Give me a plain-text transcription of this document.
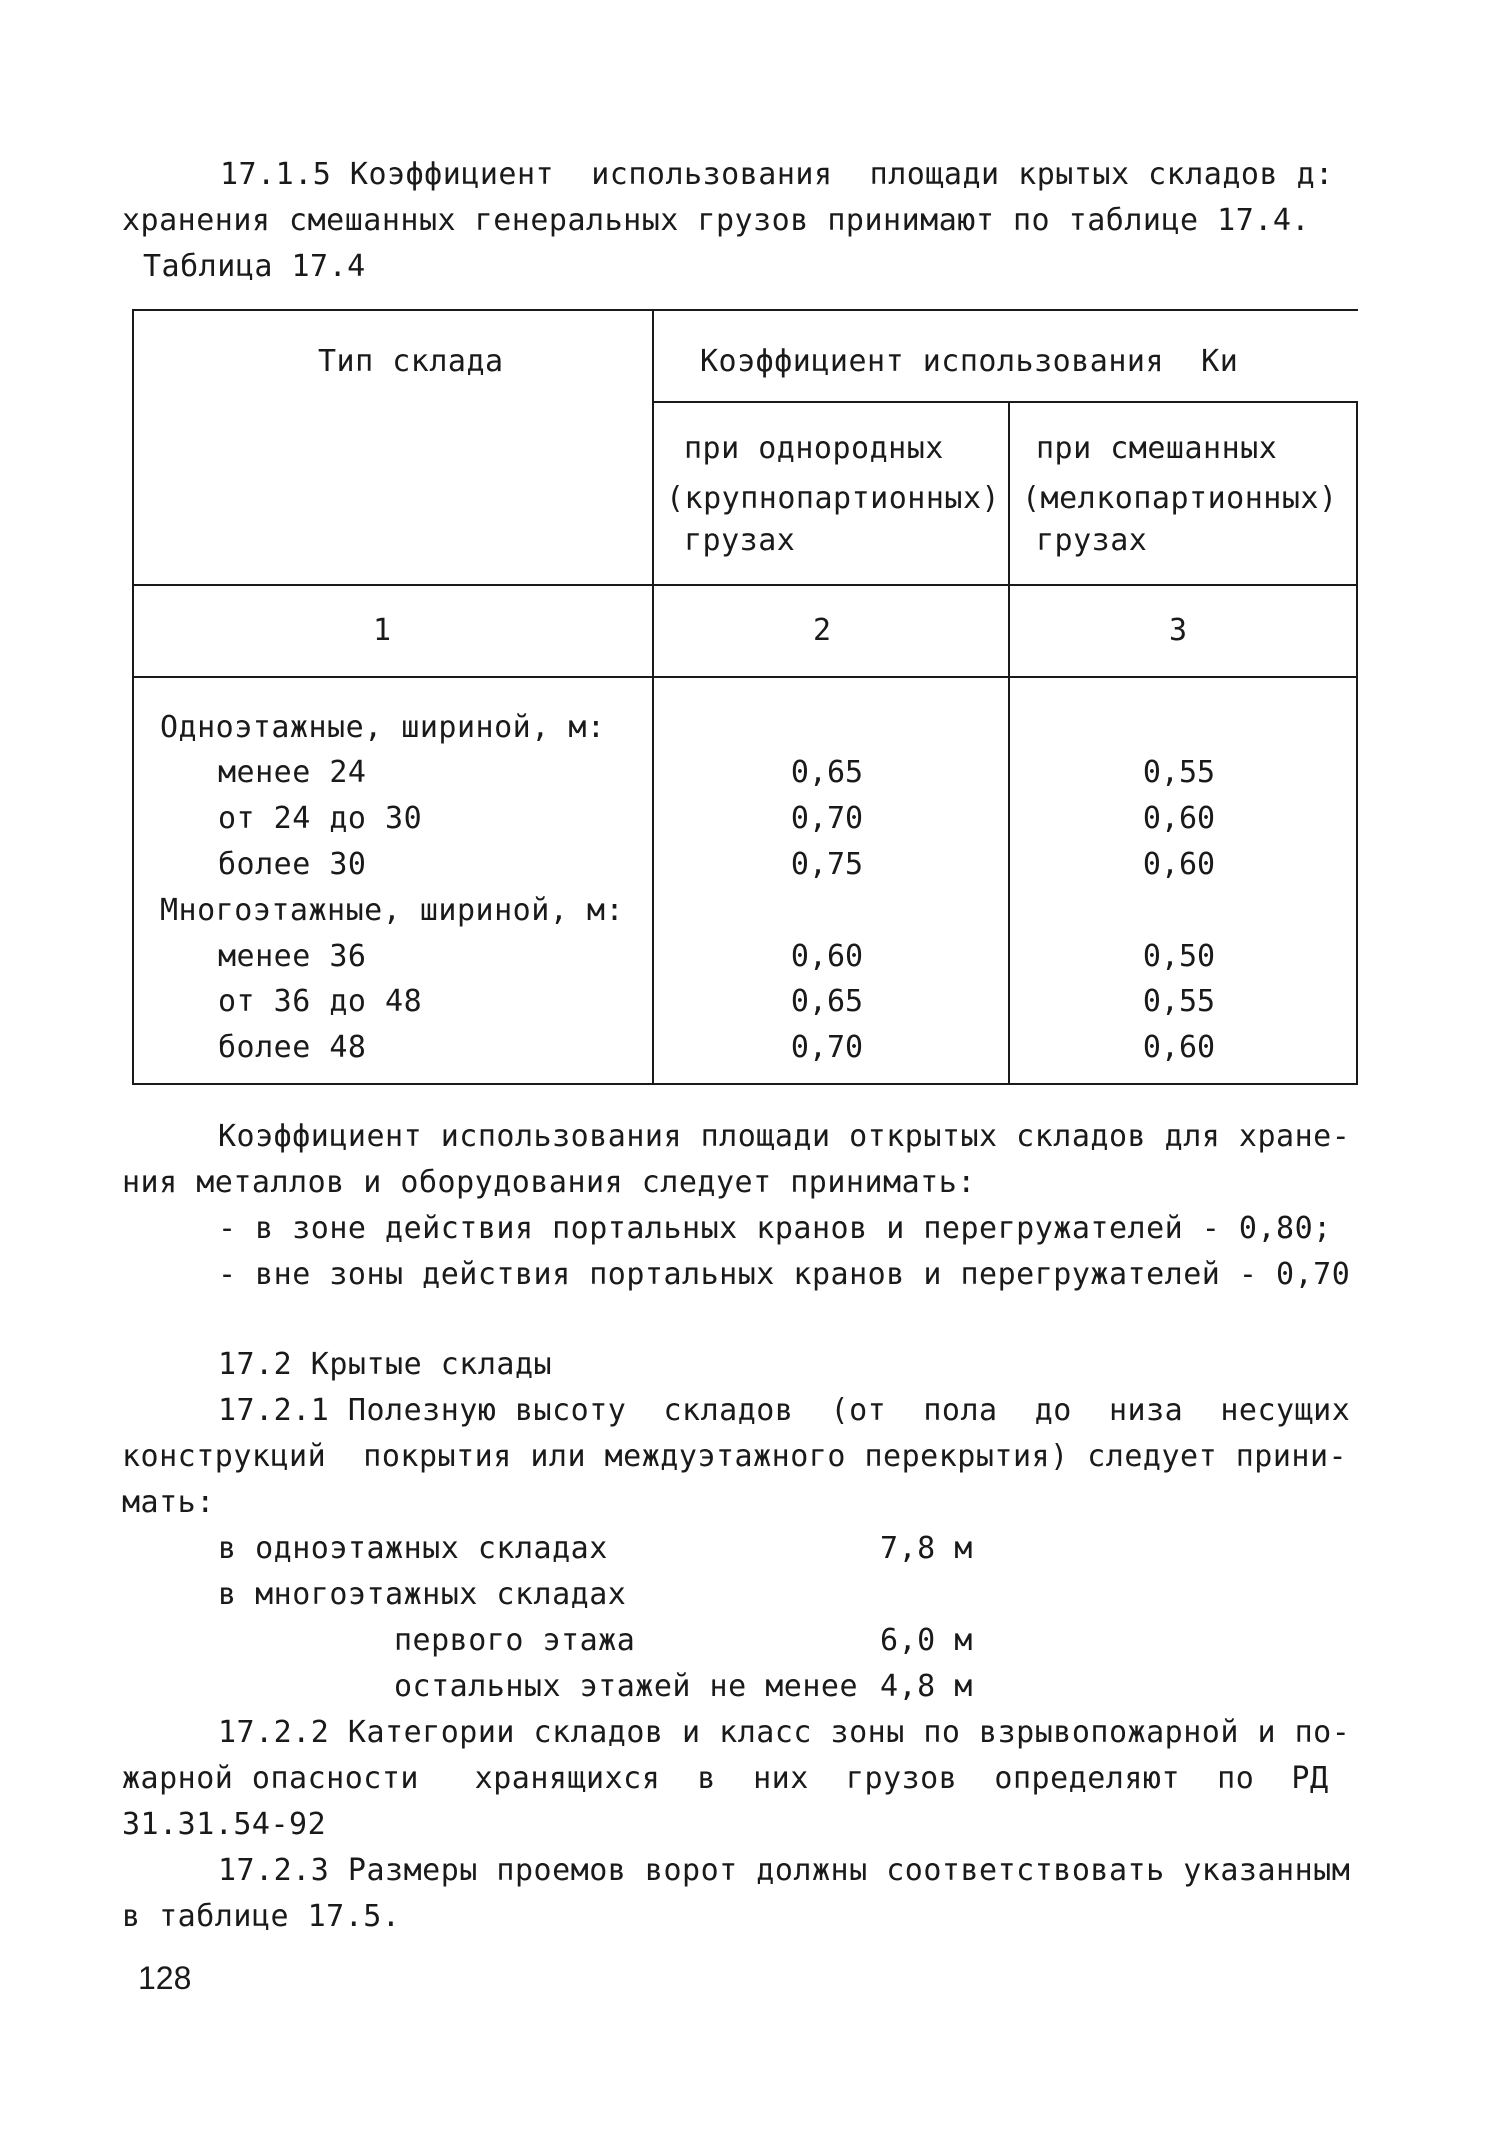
17.1.5 Коэффициент  использования  площади крытых складов д:
хранения смешанных генеральных грузов принимают по таблице 17.4.
Таблица 17.4
Тип склада	Коэффициент использования  Ки
при однородных
(крупнопартионных)
грузах
при смешанных
(мелкопартионных)
грузах
1	2	3
Одноэтажные, шириной, м:
менее 24	0,65	0,55
от 24 до 30	0,70	0,60
более 30	0,75	0,60
Многоэтажные, шириной, м:
менее 36	0,60	0,50
от 36 до 48	0,65	0,55
более 48	0,70	0,60
Коэффициент использования площади открытых складов для хране-
ния металлов и оборудования следует принимать:
- в зоне действия портальных кранов и перегружателей - 0,80;
- вне зоны действия портальных кранов и перегружателей - 0,70
17.2 Крытые склады
17.2.1 Полезную высоту  складов  (от  пола  до  низа  несущих
конструкций  покрытия или междуэтажного перекрытия) следует прини-
мать:
в одноэтажных складах	7,8 м
в многоэтажных складах
первого этажа	6,0 м
остальных этажей не менее 4,8 м
17.2.2 Категории складов и класс зоны по взрывопожарной и по-
жарной опасности   хранящихся  в  них  грузов  определяют  по  РД
31.31.54-92
17.2.3 Размеры проемов ворот должны соответствовать указанным
в таблице 17.5.
128
